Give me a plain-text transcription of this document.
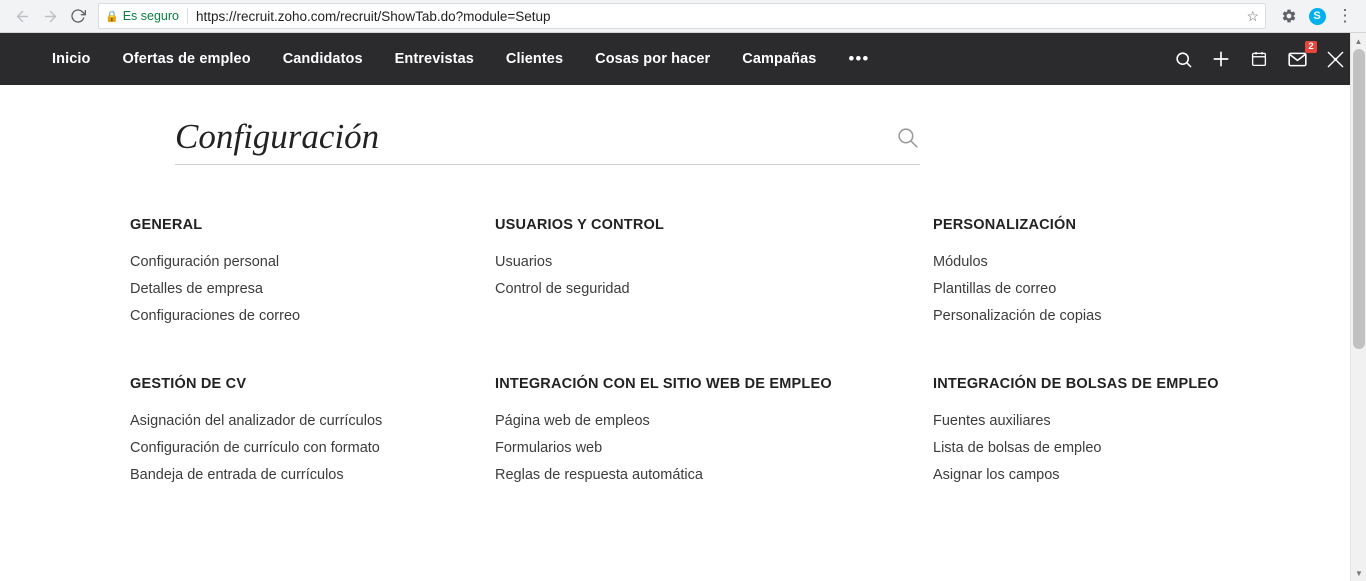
🔒 Es seguro https://recruit.zoho.com/recruit/ShowTab.do?module=Setup	☆	S ⋮
Inicio	Ofertas de empleo	Candidatos	Entrevistas	Clientes	Cosas por hacer	Campañas	•••
2
Configuración
GENERAL
Configuración personal
Detalles de empresa
Configuraciones de correo
USUARIOS Y CONTROL
Usuarios
Control de seguridad
PERSONALIZACIÓN
Módulos
Plantillas de correo
Personalización de copias
GESTIÓN DE CV
Asignación del analizador de currículos
Configuración de currículo con formato
Bandeja de entrada de currículos
INTEGRACIÓN CON EL SITIO WEB DE EMPLEO
Página web de empleos
Formularios web
Reglas de respuesta automática
INTEGRACIÓN DE BOLSAS DE EMPLEO
Fuentes auxiliares
Lista de bolsas de empleo
Asignar los campos
▲
▼
